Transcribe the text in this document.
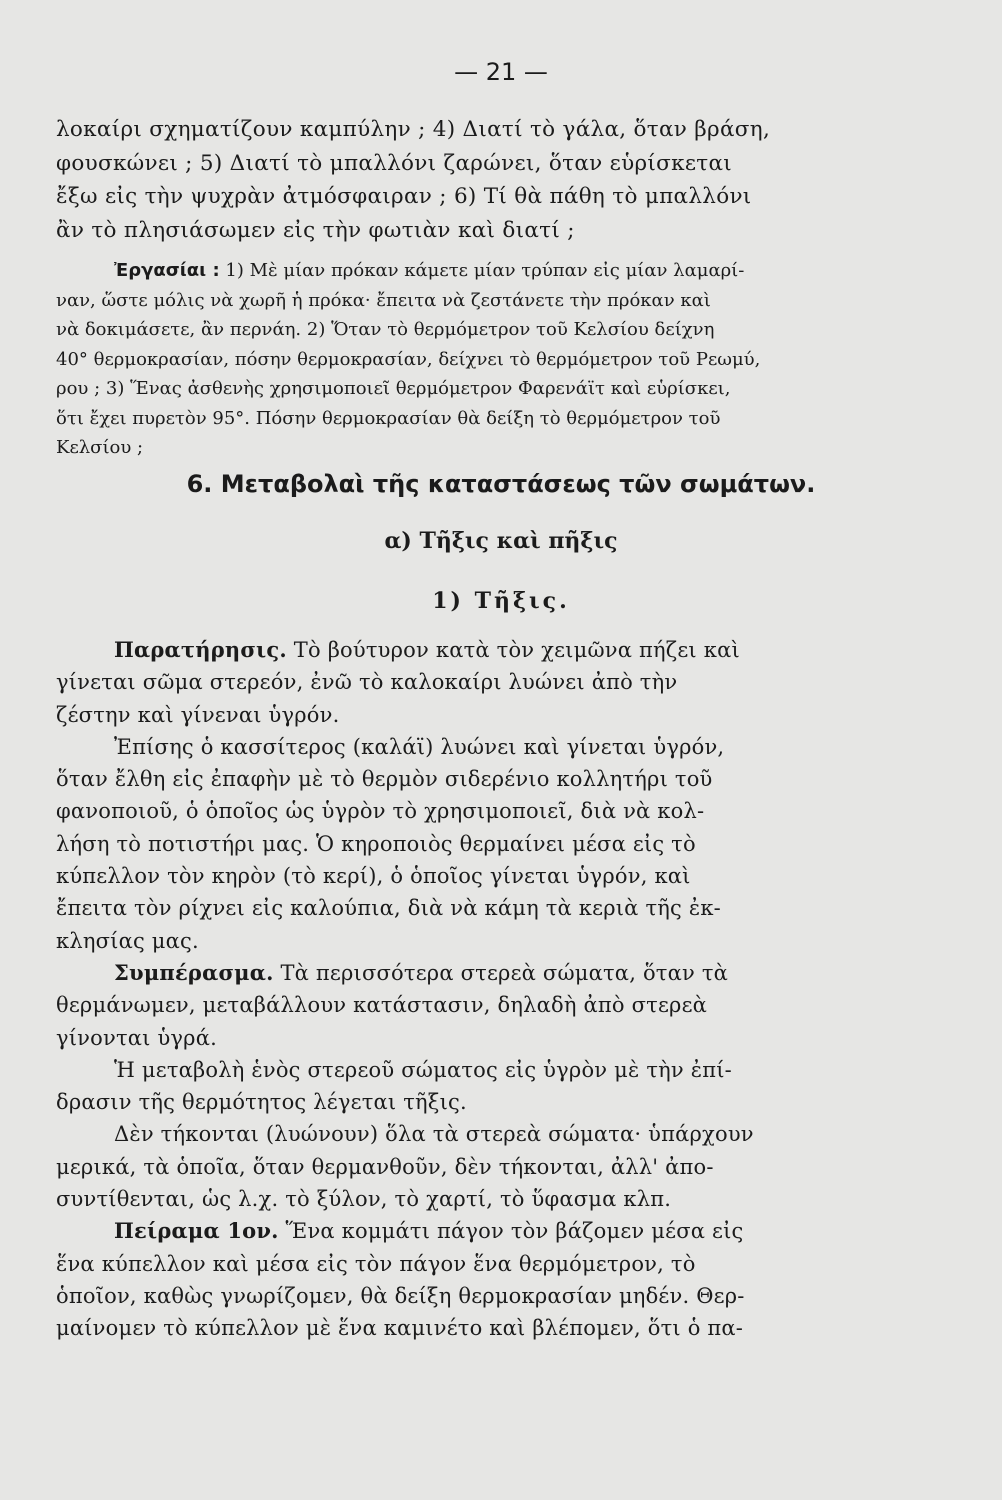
— 21 —
λοκαίρι σχηματίζουν καμπύλην ; 4) Διατί τὸ γάλα, ὅταν βράση,
φουσκώνει ; 5) Διατί τὸ μπαλλόνι ζαρώνει, ὅταν εὑρίσκεται
ἔξω εἰς τὴν ψυχρὰν ἀτμόσφαιραν ; 6) Τί θὰ πάθη τὸ μπαλλόνι
ἂν τὸ πλησιάσωμεν εἰς τὴν φωτιὰν καὶ διατί ;
Ἐργασίαι : 1) Μὲ μίαν πρόκαν κάμετε μίαν τρύπαν εἰς μίαν λαμαρί-
ναν, ὥστε μόλις νὰ χωρῆ ἡ πρόκα· ἔπειτα νὰ ζεστάνετε τὴν πρόκαν καὶ
νὰ δοκιμάσετε, ἂν περνάη. 2) Ὅταν τὸ θερμόμετρον τοῦ Κελσίου δείχνη
40° θερμοκρασίαν, πόσην θερμοκρασίαν, δείχνει τὸ θερμόμετρον τοῦ Ρεωμύ,
ρου ; 3) Ἕνας ἀσθενὴς χρησιμοποιεῖ θερμόμετρον Φαρενάϊτ καὶ εὑρίσκει,
ὅτι ἔχει πυρετὸν 95°. Πόσην θερμοκρασίαν θὰ δείξη τὸ θερμόμετρον τοῦ
Κελσίου ;
6. Μεταβολαὶ τῆς καταστάσεως τῶν σωμάτων.
α) Τῆξις καὶ πῆξις
1) Τῆξις.
Παρατήρησις. Τὸ βούτυρον κατὰ τὸν χειμῶνα πήζει καὶ
γίνεται σῶμα στερεόν, ἐνῶ τὸ καλοκαίρι λυώνει ἀπὸ τὴν
ζέστην καὶ γίνεναι ὑγρόν.
Ἐπίσης ὁ κασσίτερος (καλάϊ) λυώνει καὶ γίνεται ὑγρόν,
ὅταν ἔλθη εἰς ἐπαφὴν μὲ τὸ θερμὸν σιδερένιο κολλητήρι τοῦ
φανοποιοῦ, ὁ ὁποῖος ὡς ὑγρὸν τὸ χρησιμοποιεῖ, διὰ νὰ κολ-
λήση τὸ ποτιστήρι μας. Ὁ κηροποιὸς θερμαίνει μέσα εἰς τὸ
κύπελλον τὸν κηρὸν (τὸ κερί), ὁ ὁποῖος γίνεται ὑγρόν, καὶ
ἔπειτα τὸν ρίχνει εἰς καλούπια, διὰ νὰ κάμη τὰ κεριὰ τῆς ἐκ-
κλησίας μας.
Συμπέρασμα. Τὰ περισσότερα στερεὰ σώματα, ὅταν τὰ
θερμάνωμεν, μεταβάλλουν κατάστασιν, δηλαδὴ ἀπὸ στερεὰ
γίνονται ὑγρά.
Ἡ μεταβολὴ ἑνὸς στερεοῦ σώματος εἰς ὑγρὸν μὲ τὴν ἐπί-
δρασιν τῆς θερμότητος λέγεται τῆξις.
Δὲν τήκονται (λυώνουν) ὅλα τὰ στερεὰ σώματα· ὑπάρχουν
μερικά, τὰ ὁποῖα, ὅταν θερμανθοῦν, δὲν τήκονται, ἀλλ' ἀπο-
συντίθενται, ὡς λ.χ. τὸ ξύλον, τὸ χαρτί, τὸ ὕφασμα κλπ.
Πείραμα 1ον. Ἕνα κομμάτι πάγον τὸν βάζομεν μέσα εἰς
ἕνα κύπελλον καὶ μέσα εἰς τὸν πάγον ἕνα θερμόμετρον, τὸ
ὁποῖον, καθὼς γνωρίζομεν, θὰ δείξη θερμοκρασίαν μηδέν. Θερ-
μαίνομεν τὸ κύπελλον μὲ ἕνα καμινέτο καὶ βλέπομεν, ὅτι ὁ πα-
